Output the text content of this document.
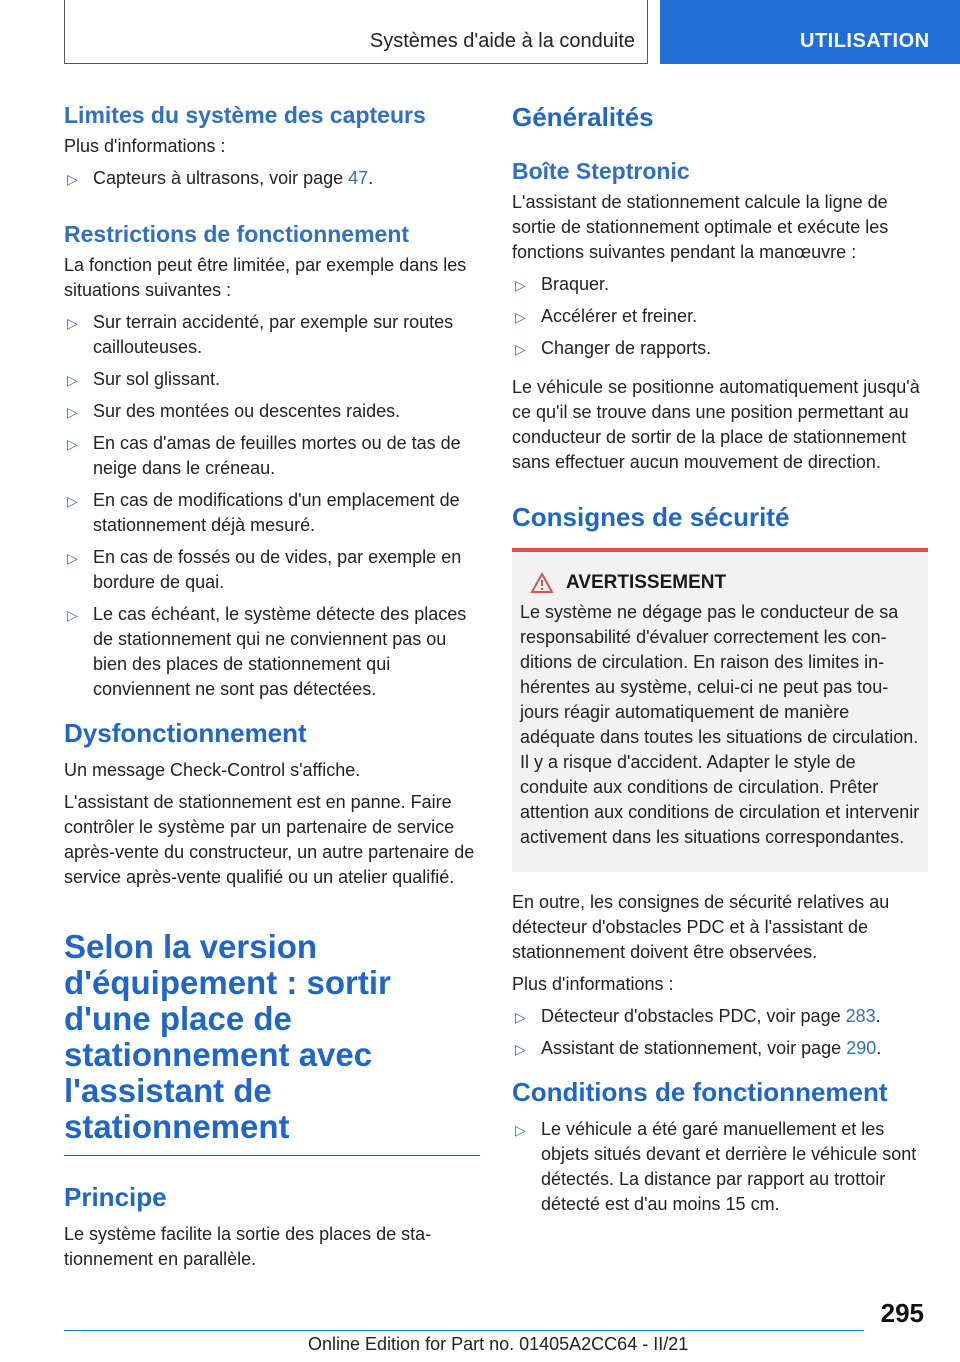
Systèmes d'aide à la conduite	UTILISATION
Limites du système des capteurs

Plus d'informations :

▷ Capteurs à ultrasons, voir page 47.
Restrictions de fonctionnement

La fonction peut être limitée, par exemple dans les situations suivantes :

▷ Sur terrain accidenté, par exemple sur routes caillouteuses.
▷ Sur sol glissant.
▷ Sur des montées ou descentes raides.
▷ En cas d'amas de feuilles mortes ou de tas de neige dans le créneau.
▷ En cas de modifications d'un emplacement de stationnement déjà mesuré.
▷ En cas de fossés ou de vides, par exemple en bordure de quai.
▷ Le cas échéant, le système détecte des places de stationnement qui ne conviennent pas ou bien des places de stationnement qui conviennent ne sont pas détectées.
Dysfonctionnement

Un message Check-Control s'affiche.

L'assistant de stationnement est en panne. Faire contrôler le système par un partenaire de service après-vente du constructeur, un autre partenaire de service après-vente qualifié ou un atelier qualifié.

Selon la version d'équipement : sortir d'une place de stationnement avec l'assistant de stationnement
Principe

Le système facilite la sortie des places de stationnement en parallèle.

Généralités
Boîte Steptronic

L'assistant de stationnement calcule la ligne de sortie de stationnement optimale et exécute les fonctions suivantes pendant la manœuvre :

▷ Braquer.
▷ Accélérer et freiner.
▷ Changer de rapports.

Le véhicule se positionne automatiquement jusqu'à ce qu'il se trouve dans une position permettant au conducteur de sortir de la place de stationnement sans effectuer aucun mouvement de direction.

Consignes de sécurité
AVERTISSEMENT

Le système ne dégage pas le conducteur de sa responsabilité d'évaluer correctement les conditions de circulation. En raison des limites inhérentes au système, celui-ci ne peut pas toujours réagir automatiquement de manière adéquate dans toutes les situations de circulation. Il y a risque d'accident. Adapter le style de conduite aux conditions de circulation. Prêter attention aux conditions de circulation et intervenir activement dans les situations correspondantes.

En outre, les consignes de sécurité relatives au détecteur d'obstacles PDC et à l'assistant de stationnement doivent être observées.

Plus d'informations :

▷ Détecteur d'obstacles PDC, voir page 283.
▷ Assistant de stationnement, voir page 290.
Conditions de fonctionnement
▷ Le véhicule a été garé manuellement et les objets situés devant et derrière le véhicule sont détectés. La distance par rapport au trottoir détecté est d'au moins 15 cm.
295
Online Edition for Part no. 01405A2CC64 - II/21
